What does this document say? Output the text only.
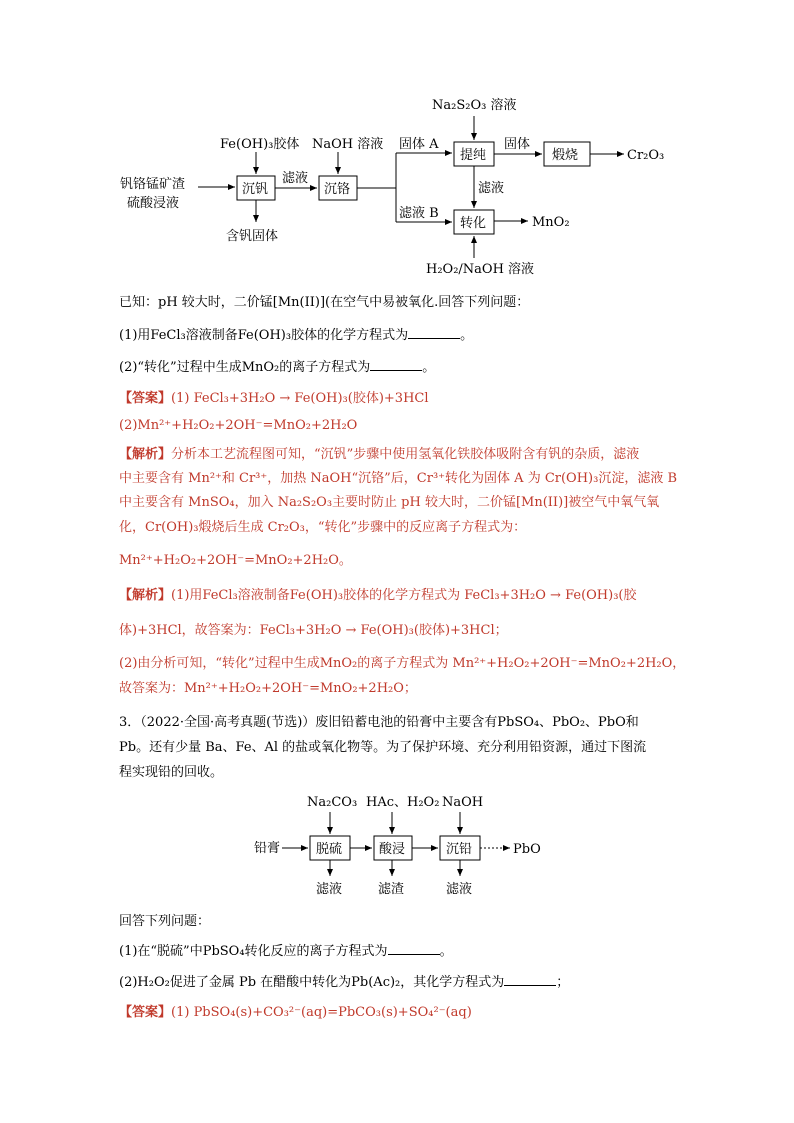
钒铬锰矿渣
硫酸浸液
沉钒
Fe(OH)₃胶体
含钒固体
滤液
沉铬
NaOH 溶液 固体 A
滤液 B
提纯
Na₂S₂O₃ 溶液
固体
煅烧	Cr₂O₃
滤液
转化	MnO₂
H₂O₂/NaOH 溶液
已知：pH 较大时，二价锰[Mn(II)](在空气中易被氧化.回答下列问题：
(1)用FeCl₃溶液制备Fe(OH)₃胶体的化学方程式为	。
(2)“转化”过程中生成MnO₂的离子方程式为	。
【答案】(1) FeCl₃+3H₂O → Fe(OH)₃(胶体)+3HCl
(2)Mn²⁺+H₂O₂+2OH⁻=MnO₂+2H₂O
【解析】分析本工艺流程图可知，“沉钒”步骤中使用氢氧化铁胶体吸附含有钒的杂质，滤液
中主要含有 Mn²⁺和 Cr³⁺，加热 NaOH“沉铬”后，Cr³⁺转化为固体 A 为 Cr(OH)₃沉淀，滤液 B
中主要含有 MnSO₄，加入 Na₂S₂O₃主要时防止 pH 较大时，二价锰[Mn(II)]被空气中氧气氧
化，Cr(OH)₃煅烧后生成 Cr₂O₃，“转化”步骤中的反应离子方程式为：
Mn²⁺+H₂O₂+2OH⁻=MnO₂+2H₂O。
【解析】(1)用FeCl₃溶液制备Fe(OH)₃胶体的化学方程式为 FeCl₃+3H₂O → Fe(OH)₃(胶
体)+3HCl，故答案为：FeCl₃+3H₂O → Fe(OH)₃(胶体)+3HCl；
(2)由分析可知，“转化”过程中生成MnO₂的离子方程式为 Mn²⁺+H₂O₂+2OH⁻=MnO₂+2H₂O，
故答案为：Mn²⁺+H₂O₂+2OH⁻=MnO₂+2H₂O；
3．（2022·全国·高考真题(节选)）废旧铅蓄电池的铅膏中主要含有PbSO₄、PbO₂、PbO和
Pb。还有少量 Ba、Fe、Al 的盐或氧化物等。为了保护环境、充分利用铅资源，通过下图流
程实现铅的回收。
Na₂CO₃ HAc、H₂O₂ NaOH
铅膏	脱硫	酸浸	沉铅	PbO
滤液	滤渣	滤液
回答下列问题：
(1)在“脱硫”中PbSO₄转化反应的离子方程式为	。
(2)H₂O₂促进了金属 Pb 在醋酸中转化为Pb(Ac)₂，其化学方程式为	；
【答案】(1) PbSO₄(s)+CO₃²⁻(aq)=PbCO₃(s)+SO₄²⁻(aq)
